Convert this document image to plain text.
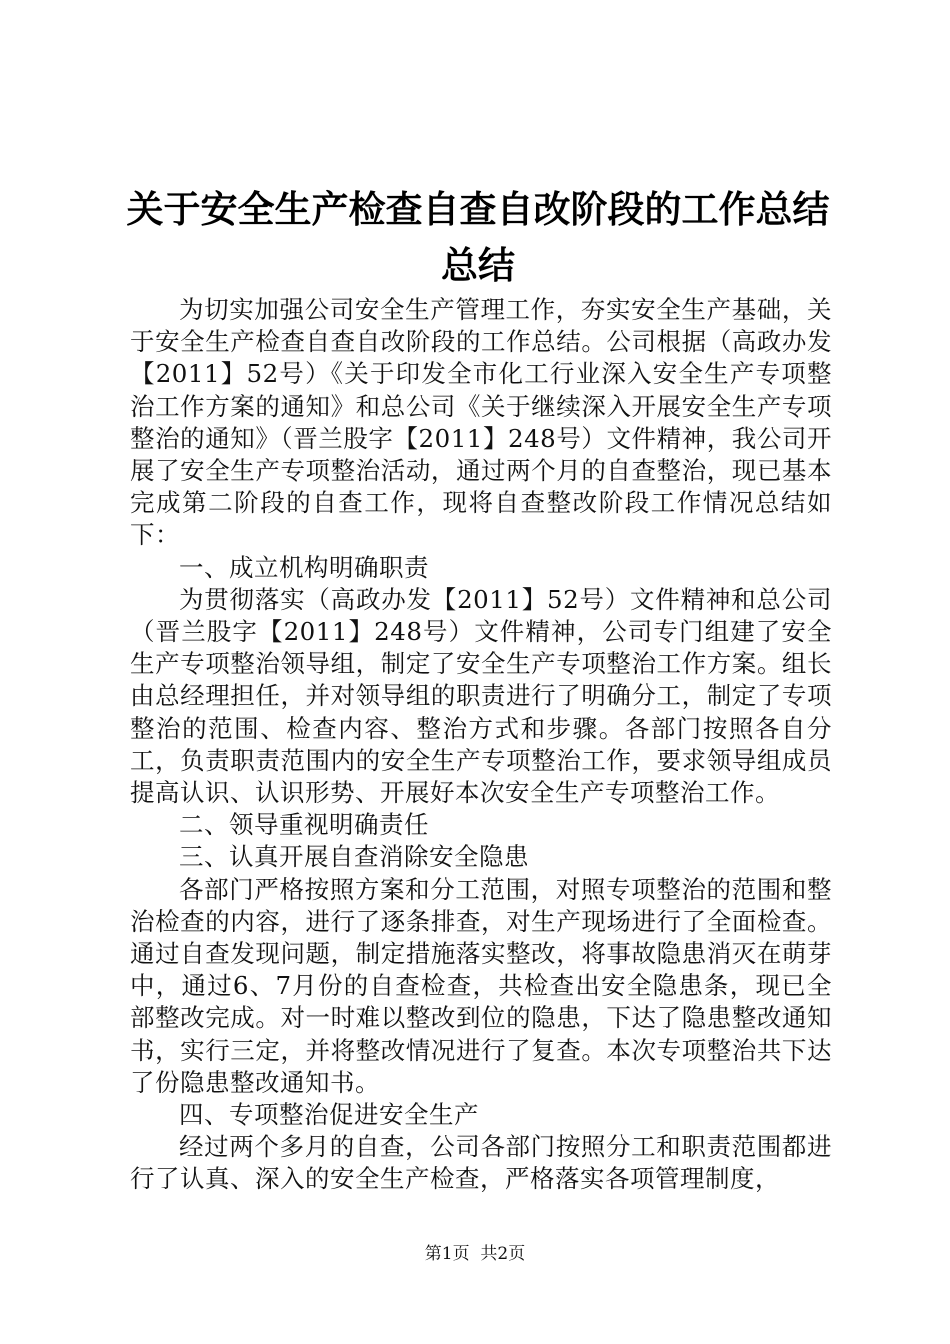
关于安全生产检查自查自改阶段的工作总结总结

为切实加强公司安全生产管理工作，夯实安全生产基础，关于安全生产检查自查自改阶段的工作总结。公司根据（高政办发【2011】52号）《关于印发全市化工行业深入安全生产专项整治工作方案的通知》和总公司《关于继续深入开展安全生产专项整治的通知》（晋兰股字【2011】248号）文件精神，我公司开展了安全生产专项整治活动，通过两个月的自查整治，现已基本完成第二阶段的自查工作，现将自查整改阶段工作情况总结如下：

一、成立机构明确职责

为贯彻落实（高政办发【2011】52号）文件精神和总公司（晋兰股字【2011】248号）文件精神，公司专门组建了安全生产专项整治领导组，制定了安全生产专项整治工作方案。组长由总经理担任，并对领导组的职责进行了明确分工，制定了专项整治的范围、检查内容、整治方式和步骤。各部门按照各自分工，负责职责范围内的安全生产专项整治工作，要求领导组成员提高认识、认识形势、开展好本次安全生产专项整治工作。

二、领导重视明确责任

三、认真开展自查消除安全隐患

各部门严格按照方案和分工范围，对照专项整治的范围和整治检查的内容，进行了逐条排查，对生产现场进行了全面检查。通过自查发现问题，制定措施落实整改，将事故隐患消灭在萌芽中，通过6、7月份的自查检查，共检查出安全隐患条，现已全部整改完成。对一时难以整改到位的隐患，下达了隐患整改通知书，实行三定，并将整改情况进行了复查。本次专项整治共下达了份隐患整改通知书。

四、专项整治促进安全生产

经过两个多月的自查，公司各部门按照分工和职责范围都进行了认真、深入的安全生产检查，严格落实各项管理制度，

第1页 共2页
